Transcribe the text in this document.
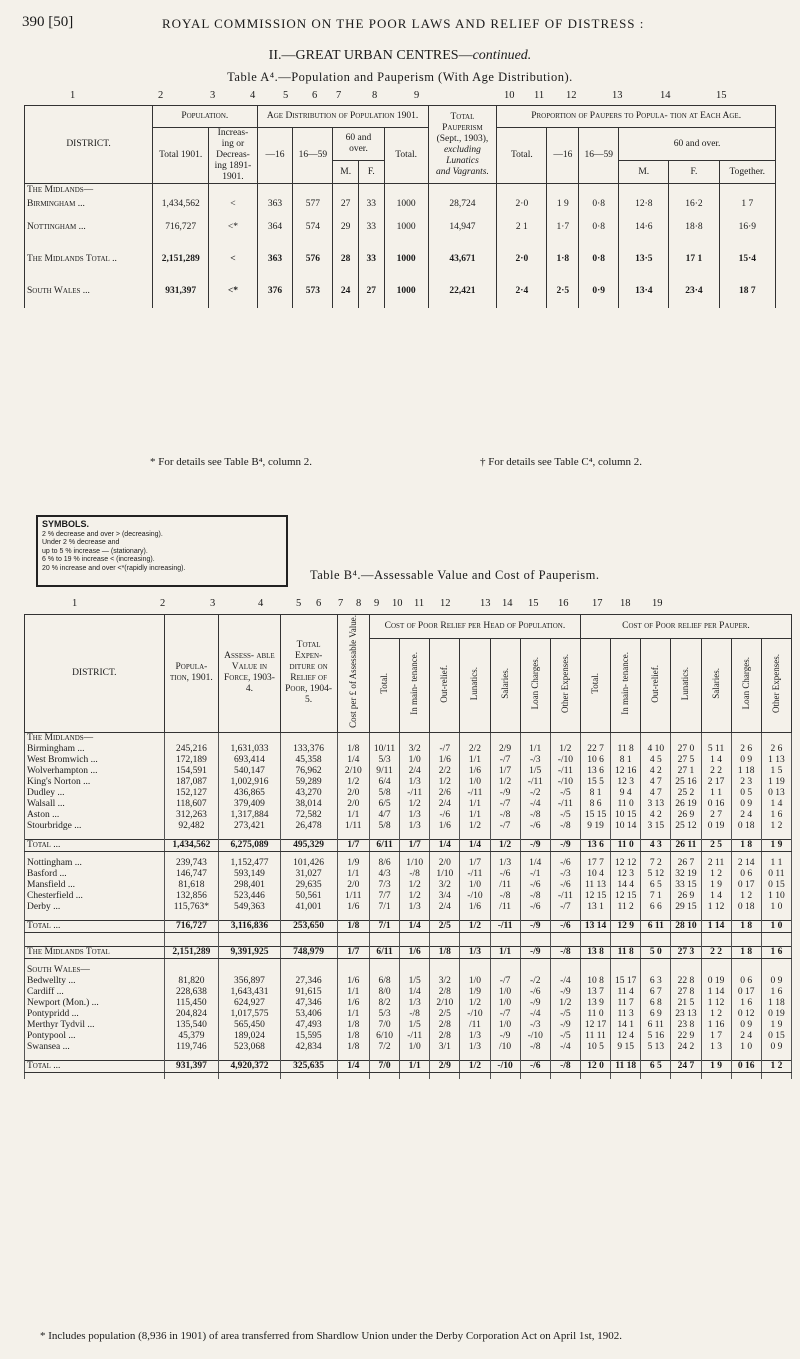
390 [50]	ROYAL COMMISSION ON THE POOR LAWS AND RELIEF OF DISTRESS :
II.—GREAT URBAN CENTRES—continued.
Table A⁴.—Population and Pauperism (With Age Distribution).
1	2	3	4	5 6 7	8	9	10 11 12	13	14	15
DISTRICT.	Population.		Age Distribution of Population 1901.					Total Pauperism
(Sept., 1903),
excluding Lunatics
and Vagrants.	Proportion of Paupers to Popula- tion at Each Age.					
	Total 1901.	Increas- ing or Decreas- ing 1891- 1901.	—16	16—59	60 and over.		Total.		Total.	—16	16—59	60 and over.		
					M.	F.						M.	F.	Together.
The Midlands—														
Birmingham ...	1,434,562	<	363	577	27	33	1000	28,724	2·0	1 9	0·8	12·8	16·2	1 7
Nottingham ...	716,727	<*	364	574	29	33	1000	14,947	2 1	1·7	0·8	14·6	18·8	16·9
The Midlands Total ..	2,151,289	<	363	576	28	33	1000	43,671	2·0	1·8	0·8	13·5	17 1	15·4
South Wales ...	931,397	<*	376	573	24	27	1000	22,421	2·4	2·5	0·9	13·4	23·4	18 7
* For details see Table B⁴, column 2.	† For details see Table C⁴, column 2.
SYMBOLS.
2 % decrease and over > (decreasing).
Under 2 % decrease and
up to 5 % increase — (stationary).
6 % to 19 % increase < (increasing).
20 % increase and over <*(rapidly increasing).	Table B⁴.—Assessable Value and Cost of Pauperism.
1	2	3	4	5 6 7 8 9 10 11 12	13 14 15 16 17 18 19
DISTRICT.	Popula- tion, 1901.	Assess- able Value in Force, 1903-4.	Total Expen- diture on Relief of Poor, 1904-5.	Cost per £ of Assessable Value.	Cost of Poor Relief per Head of Population.							Cost of Poor relief per Pauper.						
					Total.	In main- tenance.	Out-relief.	Lunatics.	Salaries.	Loan Charges.	Other Expenses.	Total.	In main- tenance.	Out-relief.	Lunatics.	Salaries.	Loan Charges.	Other Expenses.
The Midlands—																		
Birmingham ...	245,216	1,631,033	133,376	1/8	10/11	3/2	-/7	2/2	2/9	1/1	1/2	22 7	11 8	4 10	27 0	5 11	2 6	2 6
West Bromwich ...	172,189	693,414	45,358	1/4	5/3	1/0	1/6	1/1	-/7	-/3	-/10	10 6	8 1	4 5	27 5	1 4	0 9	1 13
Wolverhampton ...	154,591	540,147	76,962	2/10	9/11	2/4	2/2	1/6	1/7	1/5	-/11	13 6	12 16	4 2	27 1	2 2	1 18	1 5
King's Norton ...	187,087	1,002,916	59,289	1/2	6/4	1/3	1/2	1/0	1/2	-/11	-/10	15 5	12 3	4 7	25 16	2 17	2 3	1 19
Dudley ...	152,127	436,865	43,270	2/0	5/8	-/11	2/6	-/11	-/9	-/2	-/5	8 1	9 4	4 7	25 2	1 1	0 5	0 13
Walsall ...	118,607	379,409	38,014	2/0	6/5	1/2	2/4	1/1	-/7	-/4	-/11	8 6	11 0	3 13	26 19	0 16	0 9	1 4
Aston ...	312,263	1,317,884	72,582	1/1	4/7	1/3	-/6	1/1	-/8	-/8	-/5	15 15	10 15	4 2	26 9	2 7	2 4	1 6
Stourbridge ...	92,482	273,421	26,478	1/11	5/8	1/3	1/6	1/2	-/7	-/6	-/8	9 19	10 14	3 15	25 12	0 19	0 18	1 2

Total ...	1,434,562	6,275,089	495,329	1/7	6/11	1/7	1/4	1/4	1/2	-/9	-/9	13 6	11 0	4 3	26 11	2 5	1 8	1 9

Nottingham ...	239,743	1,152,477	101,426	1/9	8/6	1/10	2/0	1/7	1/3	1/4	-/6	17 7	12 12	7 2	26 7	2 11	2 14	1 1
Basford ...	146,747	593,149	31,027	1/1	4/3	-/8	1/10	-/11	-/6	-/1	-/3	10 4	12 3	5 12	32 19	1 2	0 6	0 11
Mansfield ...	81,618	298,401	29,635	2/0	7/3	1/2	3/2	1/0	/11	-/6	-/6	11 13	14 4	6 5	33 15	1 9	0 17	0 15
Chesterfield ...	132,856	523,446	50,561	1/11	7/7	1/2	3/4	-/10	-/8	-/8	-/11	12 15	12 15	7 1	26 9	1 4	1 2	1 10
Derby ...	115,763*	549,363	41,001	1/6	7/1	1/3	2/4	1/6	/11	-/6	-/7	13 1	11 2	6 6	29 15	1 12	0 18	1 0

Total ...	716,727	3,116,836	253,650	1/8	7/1	1/4	2/5	1/2	-/11	-/9	-/6	13 14	12 9	6 11	28 10	1 14	1 8	1 0

The Midlands Total	2,151,289	9,391,925	748,979	1/7	6/11	1/6	1/8	1/3	1/1	-/9	-/8	13 8	11 8	5 0	27 3	2 2	1 8	1 6

South Wales—																		
Bedwellty ...	81,820	356,897	27,346	1/6	6/8	1/5	3/2	1/0	-/7	-/2	-/4	10 8	15 17	6 3	22 8	0 19	0 6	0 9
Cardiff ...	228,638	1,643,431	91,615	1/1	8/0	1/4	2/8	1/9	1/0	-/6	-/9	13 7	11 4	6 7	27 8	1 14	0 17	1 6
Newport (Mon.) ...	115,450	624,927	47,346	1/6	8/2	1/3	2/10	1/2	1/0	-/9	1/2	13 9	11 7	6 8	21 5	1 12	1 6	1 18
Pontypridd ...	204,824	1,017,575	53,406	1/1	5/3	-/8	2/5	-/10	-/7	-/4	-/5	11 0	11 3	6 9	23 13	1 2	0 12	0 19
Merthyr Tydvil ...	135,540	565,450	47,493	1/8	7/0	1/5	2/8	/11	1/0	-/3	-/9	12 17	14 1	6 11	23 8	1 16	0 9	1 9
Pontypool ...	45,379	189,024	15,595	1/8	6/10	-/11	2/8	1/3	-/9	-/10	-/5	11 11	12 4	5 16	22 9	1 7	2 4	0 15
Swansea ...	119,746	523,068	42,834	1/8	7/2	1/0	3/1	1/3	/10	-/8	-/4	10 5	9 15	5 13	24 2	1 3	1 0	0 9

Total ...	931,397	4,920,372	325,635	1/4	7/0	1/1	2/9	1/2	-/10	-/6	-/8	12 0	11 18	6 5	24 7	1 9	0 16	1 2

* Includes population (8,936 in 1901) of area transferred from Shardlow Union under the Derby Corporation Act on April 1st, 1902.
